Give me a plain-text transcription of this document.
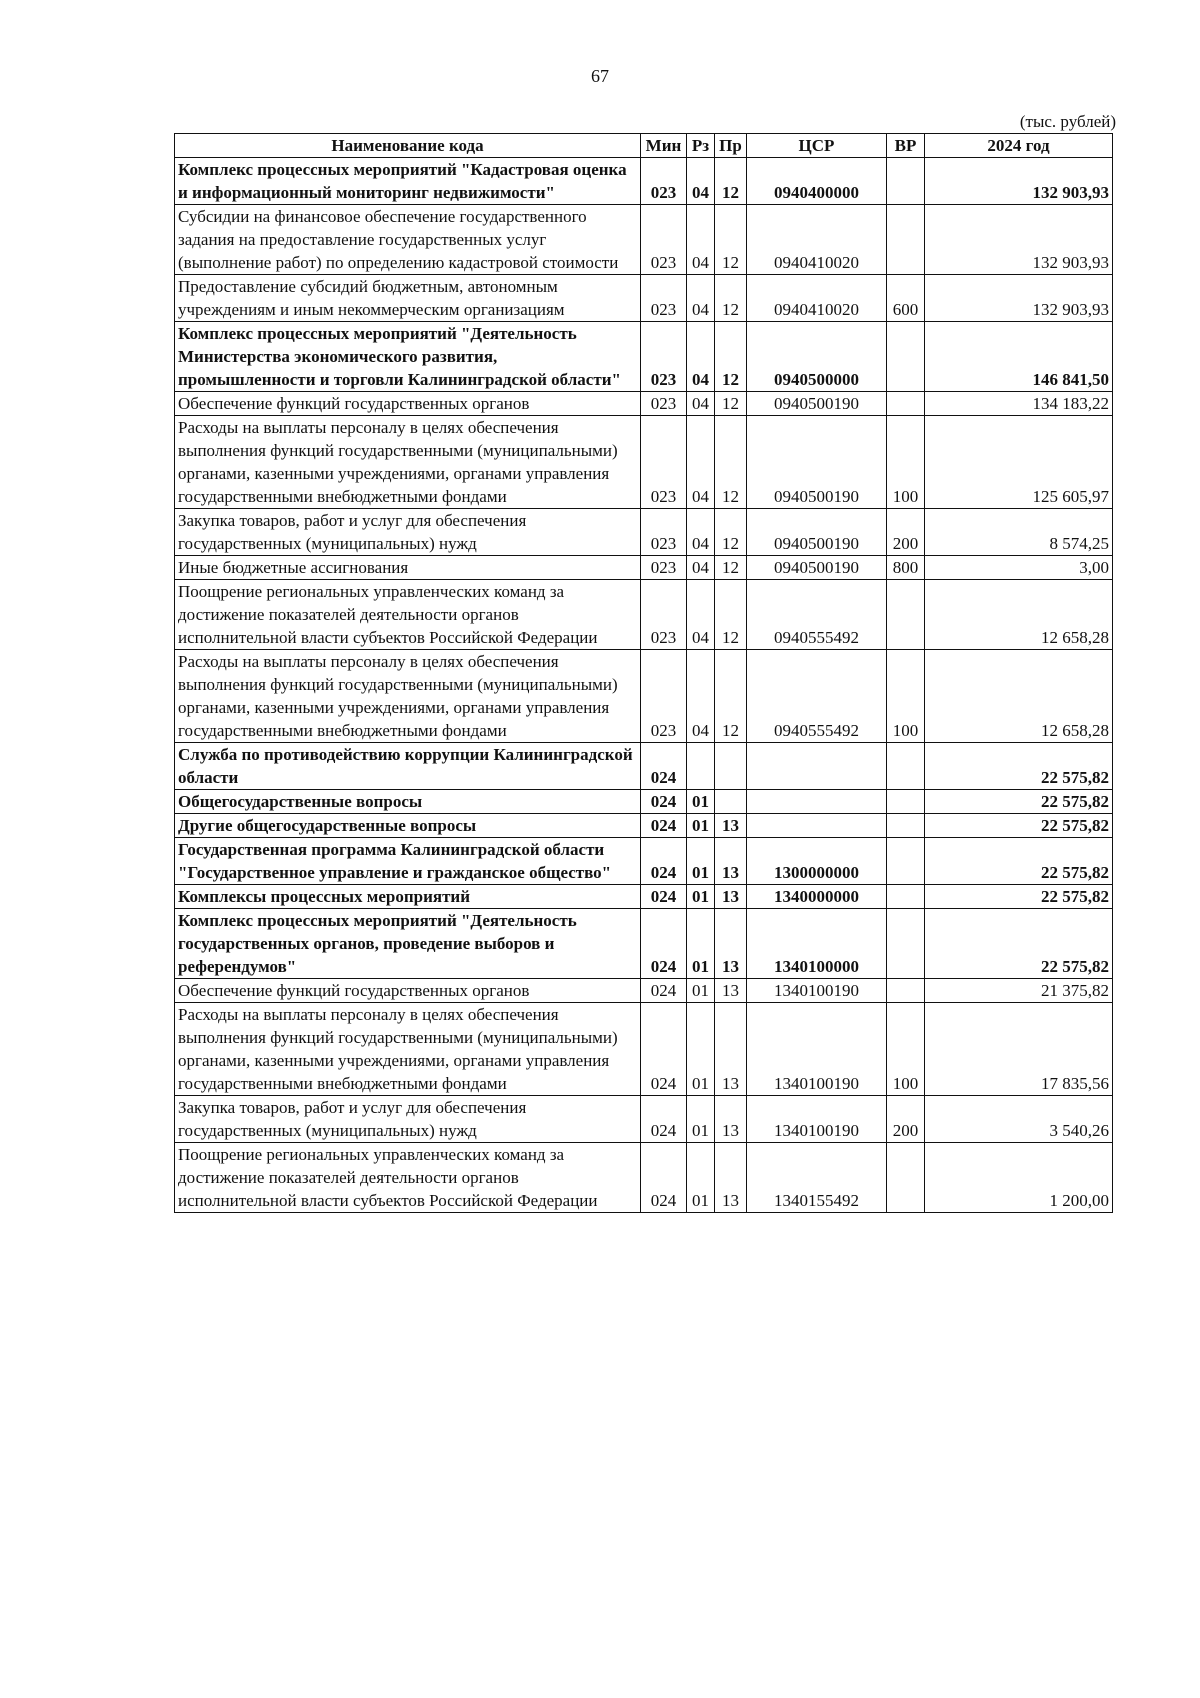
67
(тыс. рублей)
Наименование кода	Мин	Рз	Пр	ЦСР	ВР	2024 год
Комплекс процессных мероприятий "Кадастровая оценка и информационный мониторинг недвижимости"	023	04	12	0940400000		132 903,93
Субсидии на финансовое обеспечение государственного задания на предоставление государственных услуг (выполнение работ) по определению кадастровой стоимости	023	04	12	0940410020		132 903,93
Предоставление субсидий бюджетным, автономным учреждениям и иным некоммерческим организациям	023	04	12	0940410020	600	132 903,93
Комплекс процессных мероприятий "Деятельность Министерства экономического развития, промышленности и торговли Калининградской области"	023	04	12	0940500000		146 841,50
Обеспечение функций государственных органов	023	04	12	0940500190		134 183,22
Расходы на выплаты персоналу в целях обеспечения выполнения функций государственными (муниципальными) органами, казенными учреждениями, органами управления государственными внебюджетными фондами	023	04	12	0940500190	100	125 605,97
Закупка товаров, работ и услуг для обеспечения государственных (муниципальных) нужд	023	04	12	0940500190	200	8 574,25
Иные бюджетные ассигнования	023	04	12	0940500190	800	3,00
Поощрение региональных управленческих команд за достижение показателей деятельности органов исполнительной власти субъектов Российской Федерации	023	04	12	0940555492		12 658,28
Расходы на выплаты персоналу в целях обеспечения выполнения функций государственными (муниципальными) органами, казенными учреждениями, органами управления государственными внебюджетными фондами	023	04	12	0940555492	100	12 658,28
Служба по противодействию коррупции Калининградской области	024					22 575,82
Общегосударственные вопросы	024	01				22 575,82
Другие общегосударственные вопросы	024	01	13			22 575,82
Государственная программа Калининградской области "Государственное управление и гражданское общество"	024	01	13	1300000000		22 575,82
Комплексы процессных мероприятий	024	01	13	1340000000		22 575,82
Комплекс процессных мероприятий "Деятельность государственных органов, проведение выборов и референдумов"	024	01	13	1340100000		22 575,82
Обеспечение функций государственных органов	024	01	13	1340100190		21 375,82
Расходы на выплаты персоналу в целях обеспечения выполнения функций государственными (муниципальными) органами, казенными учреждениями, органами управления государственными внебюджетными фондами	024	01	13	1340100190	100	17 835,56
Закупка товаров, работ и услуг для обеспечения государственных (муниципальных) нужд	024	01	13	1340100190	200	3 540,26
Поощрение региональных управленческих команд за достижение показателей деятельности органов исполнительной власти субъектов Российской Федерации	024	01	13	1340155492		1 200,00
